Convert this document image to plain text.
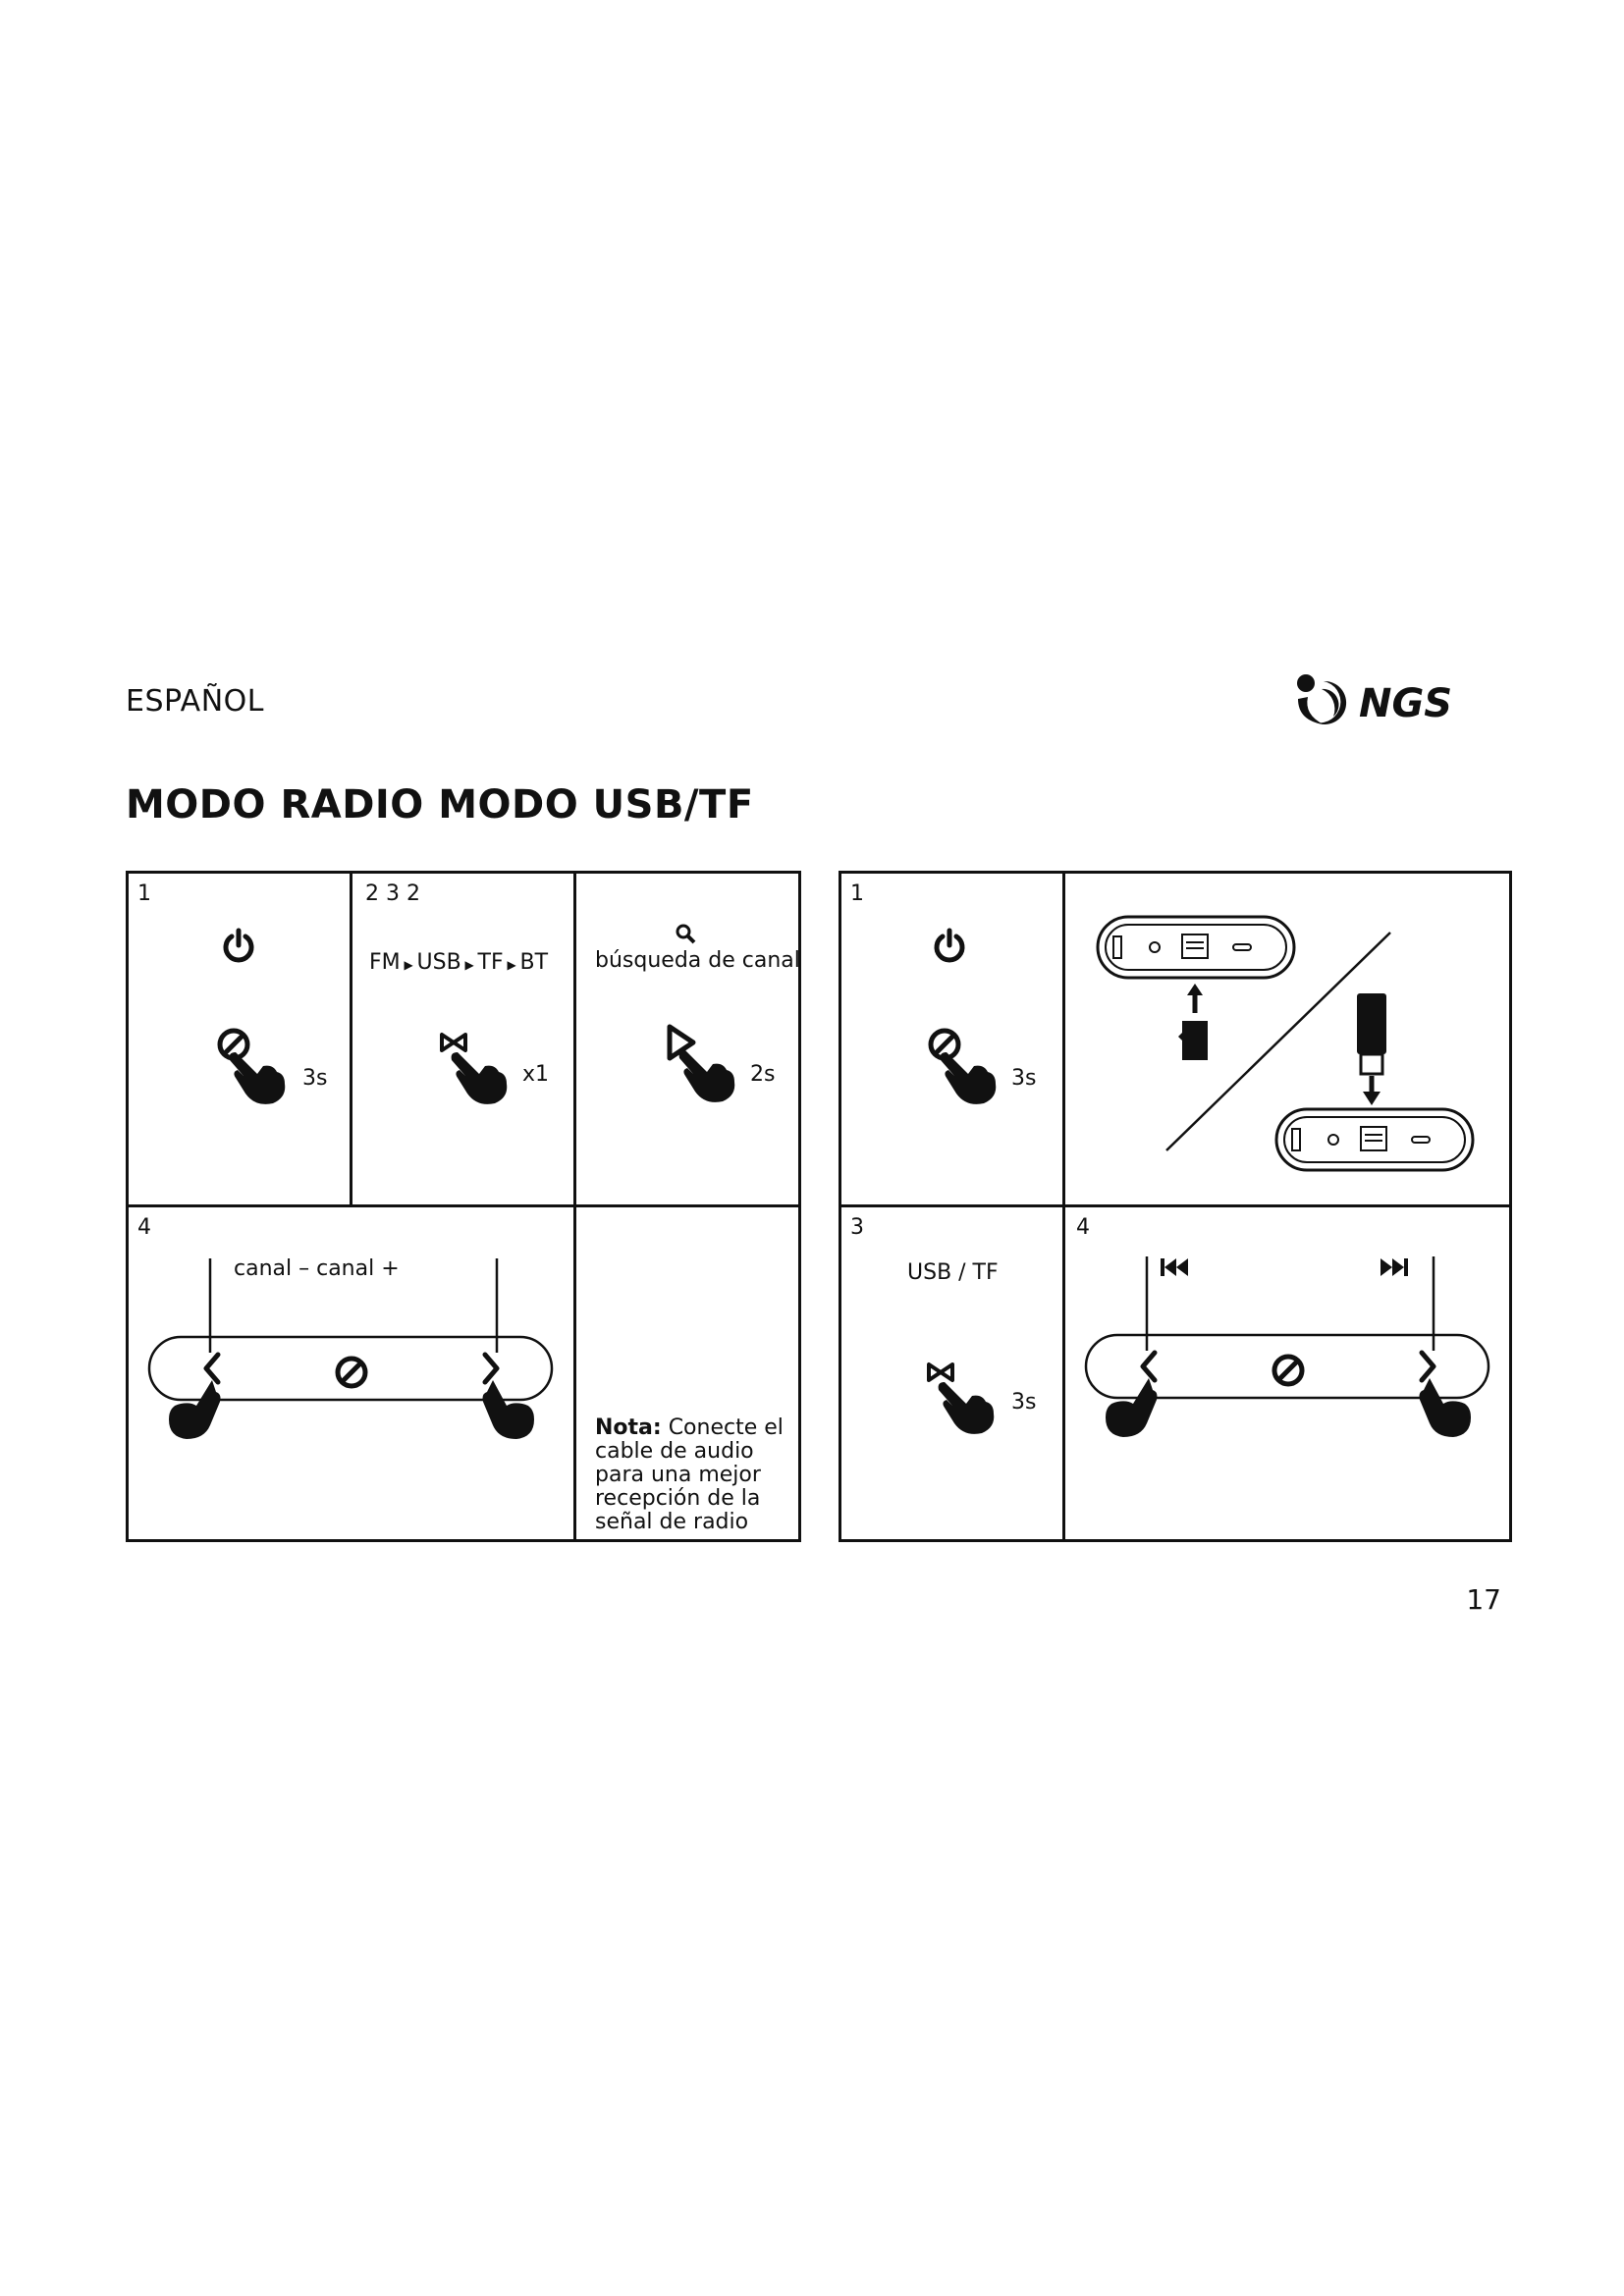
ESPAÑOL	NGS
MODO RADIO MODO USB/TF
1
3s
2 3 2
FM ▶ USB ▶ TF ▶ BT
x1
búsqueda de canal
2s
4
canal – canal +
Nota: Conecte el cable de audio para una mejor recepción de la señal de radio
1
3s
3
USB / TF
3s
4
17
